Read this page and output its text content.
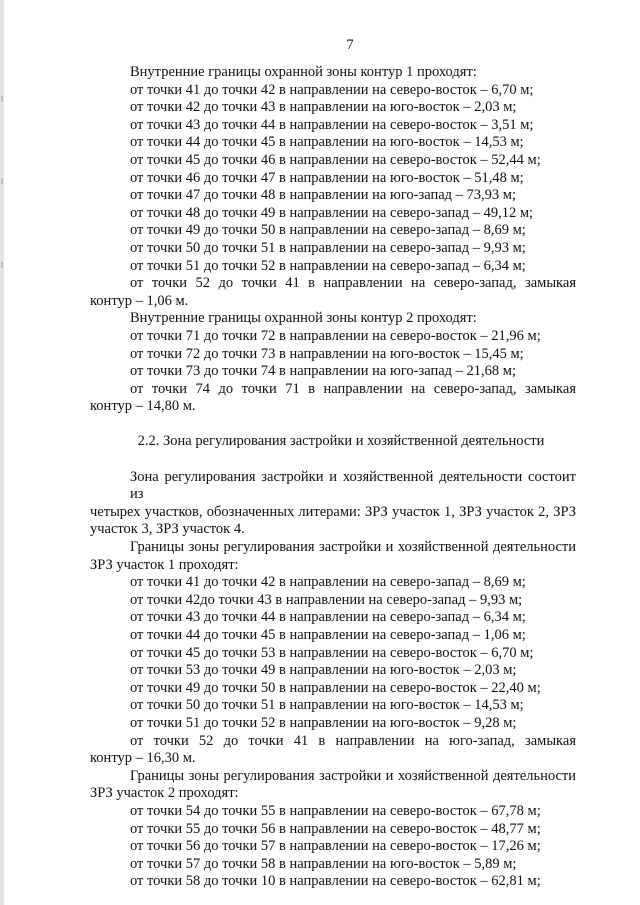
7
Внутренние границы охранной зоны контур 1 проходят:
от точки 41 до точки 42 в направлении на северо-восток – 6,70 м;
от точки 42 до точки 43 в направлении на юго-восток – 2,03 м;
от точки 43 до точки 44 в направлении на северо-восток – 3,51 м;
от точки 44 до точки 45 в направлении на юго-восток – 14,53 м;
от точки 45 до точки 46 в направлении на северо-восток – 52,44 м;
от точки 46 до точки 47 в направлении на юго-восток – 51,48 м;
от точки 47 до точки 48 в направлении на юго-запад – 73,93 м;
от точки 48 до точки 49 в направлении на северо-запад – 49,12 м;
от точки 49 до точки 50 в направлении на северо-запад – 8,69 м;
от точки 50 до точки 51 в направлении на северо-запад – 9,93 м;
от точки 51 до точки 52 в направлении на северо-запад – 6,34 м;
от точки 52 до точки 41 в направлении на северо-запад, замыкая
контур – 1,06 м.
Внутренние границы охранной зоны контур 2 проходят:
от точки 71 до точки 72 в направлении на северо-восток – 21,96 м;
от точки 72 до точки 73 в направлении на юго-восток – 15,45 м;
от точки 73 до точки 74 в направлении на юго-запад – 21,68 м;
от точки 74 до точки 71 в направлении на северо-запад, замыкая
контур – 14,80 м.
2.2. Зона регулирования застройки и хозяйственной деятельности
Зона регулирования застройки и хозяйственной деятельности состоит из
четырех участков, обозначенных литерами: ЗРЗ участок 1, ЗРЗ участок 2, ЗРЗ
участок 3, ЗРЗ участок 4.
Границы зоны регулирования застройки и хозяйственной деятельности
ЗРЗ участок 1 проходят:
от точки 41 до точки 42 в направлении на северо-запад – 8,69 м;
от точки 42до точки 43 в направлении на северо-запад – 9,93 м;
от точки 43 до точки 44 в направлении на северо-запад – 6,34 м;
от точки 44 до точки 45 в направлении на северо-запад – 1,06 м;
от точки 45 до точки 53 в направлении на северо-восток – 6,70 м;
от точки 53 до точки 49 в направлении на юго-восток – 2,03 м;
от точки 49 до точки 50 в направлении на северо-восток – 22,40 м;
от точки 50 до точки 51 в направлении на юго-восток – 14,53 м;
от точки 51 до точки 52 в направлении на юго-восток – 9,28 м;
от точки 52 до точки 41 в направлении на юго-запад, замыкая
контур – 16,30 м.
Границы зоны регулирования застройки и хозяйственной деятельности
ЗРЗ участок 2 проходят:
от точки 54 до точки 55 в направлении на северо-восток – 67,78 м;
от точки 55 до точки 56 в направлении на северо-восток – 48,77 м;
от точки 56 до точки 57 в направлении на северо-восток – 17,26 м;
от точки 57 до точки 58 в направлении на юго-восток – 5,89 м;
от точки 58 до точки 10 в направлении на северо-восток – 62,81 м;
